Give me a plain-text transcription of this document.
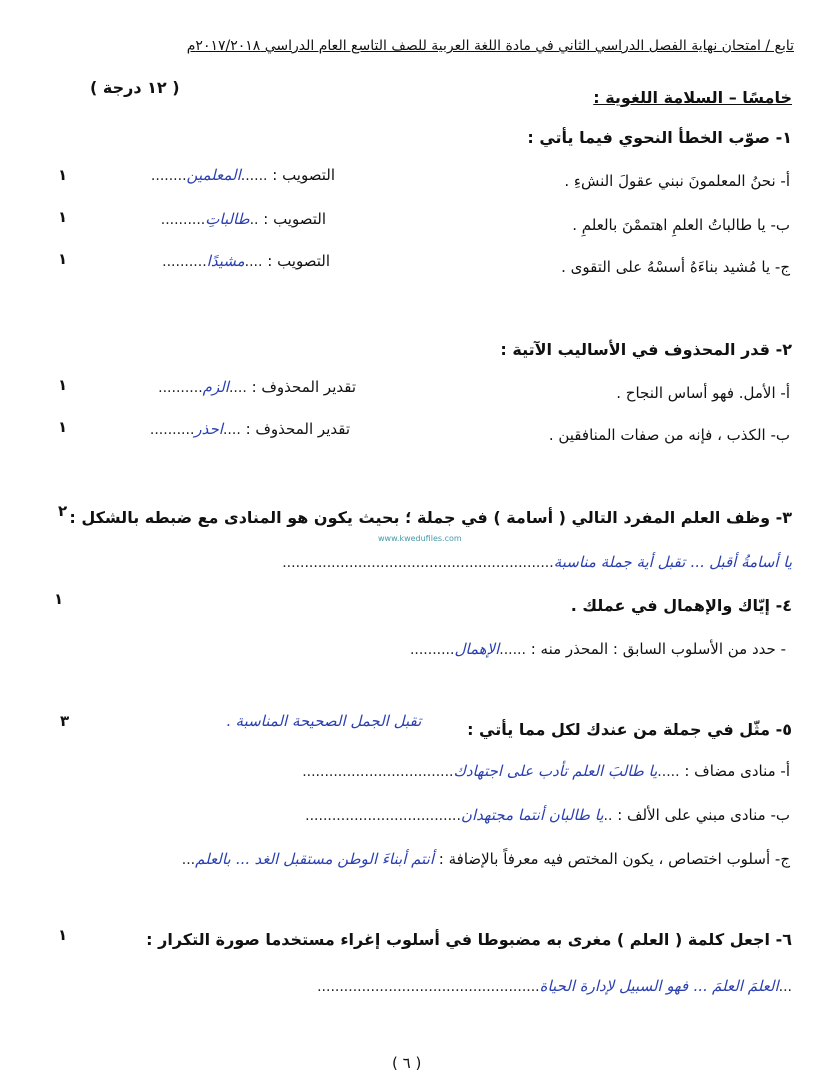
تابع / امتحان نهاية الفصل الدراسي الثاني في مادة اللغة العربية للصف التاسع العام الدراسي ٢٠١٧/٢٠١٨م
خامسًا – السلامة اللغوية :
( ١٢ درجة )
١- صوّب الخطأ النحوي فيما يأتي :
أ- نحنُ المعلمونَ نبني عقولَ النشءِ .
التصويب : ......المعلمين........
١
ب- يا طالباتُ العلمِ اهتممْنَ بالعلمِ .
التصويب : ..طالباتِ..........
١
ج- يا مُشيد بناءَهُ أسسْهُ على التقوى .
التصويب : ....مشيدًا..........
١
٢- قدر المحذوف في الأساليب الآتية :
أ- الأمل. فهو أساس النجاح .
تقدير المحذوف : ....الزم..........
١
ب- الكذب ، فإنه من صفات المنافقين .
تقدير المحذوف : ....احذر..........
١
٣- وظف العلم المفرد التالي ( أسامة ) في جملة ؛ بحيث يكون هو المنادى مع ضبطه بالشكل :
٢
www.kwedufiles.com
يا أسامةُ أقبل ... تقبل أية جملة مناسبة.............................................................
٤- إيّاك والإهمال في عملك .
١
- حدد من الأسلوب السابق : المحذر منه : ......الإهمال..........
٥- مثّل في جملة من عندك لكل مما يأتي :
تقبل الجمل الصحيحة المناسبة .
٣
أ- منادى مضاف : .....يا طالبَ العلم تأدب على اجتهادك..................................
ب- منادى مبني على الألف : ..يا طالبان أنتما مجتهدان...................................
ج- أسلوب اختصاص ، يكون المختص فيه معرفاً بالإضافة : أنتم أبناءَ الوطن مستقبل الغد ... بالعلم...
٦- اجعل كلمة ( العلم ) مغرى به مضبوطا في أسلوب إغراء مستخدما صورة التكرار :
١
...العلمَ العلمَ ... فهو السبيل لإدارة الحياة..................................................
( ٦ )
